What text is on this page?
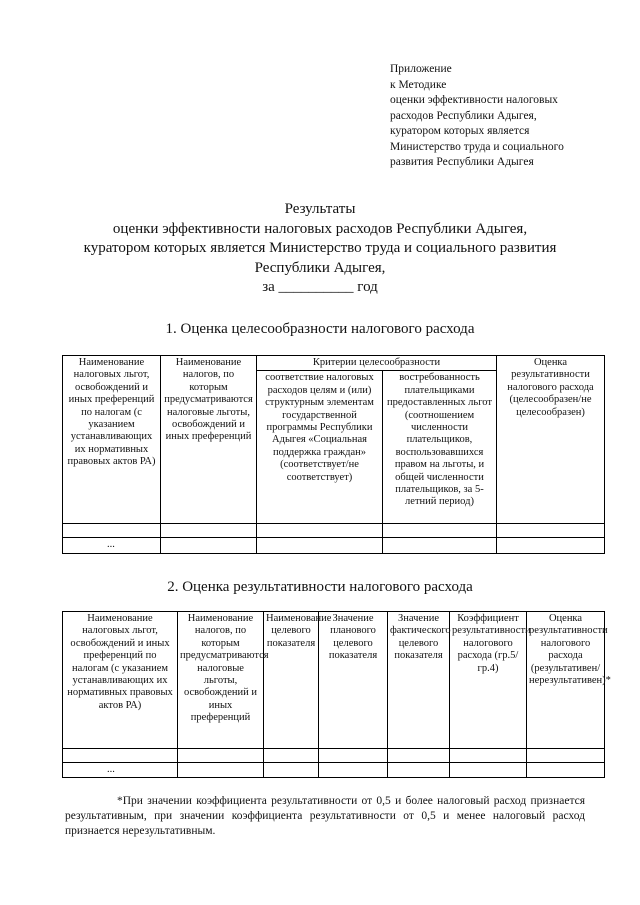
Приложение
к Методике
оценки эффективности налоговых
расходов Республики Адыгея,
куратором которых является
Министерство труда и социального
развития Республики Адыгея
Результаты
оценки эффективности налоговых расходов Республики Адыгея,
куратором которых является Министерство труда и социального развития
Республики Адыгея,
за __________ год
1. Оценка целесообразности налогового расхода
Наименование налоговых льгот, освобождений и иных преференций по налогам (с указанием устанавливающих их нормативных правовых актов РА)	Наименование налогов, по которым предусматриваются налоговые льготы, освобождений и иных преференций	Критерии целесообразности		Оценка результативности налогового расхода (целесообразен/не целесообразен)

		соответствие налоговых расходов целям и (или) структурным элементам государственной программы Республики Адыгея «Социальная поддержка граждан» (соответствует/не соответствует)	востребованность плательщиками предоставленных льгот (соотношением численности плательщиков, воспользовавшихся правом на льготы, и общей численности плательщиков, за 5-летний период)	

...				
2. Оценка результативности налогового расхода
Наименование налоговых льгот, освобождений и иных преференций по налогам (с указанием устанавливающих их нормативных правовых актов РА)	Наименование налогов, по которым предусматриваются налоговые льготы, освобождений и иных преференций	Наименование целевого показателя	Значение планового целевого показателя	Значение фактического целевого показателя	Коэффициент результативности налогового расхода (гр.5/гр.4)	Оценка результативности налогового расхода (результативен/нерезультативен)*

...						

*При значении коэффициента результативности от 0,5 и более налоговый расход признается результативным, при значении коэффициента результативности от 0,5 и менее налоговый расход признается нерезультативным.
